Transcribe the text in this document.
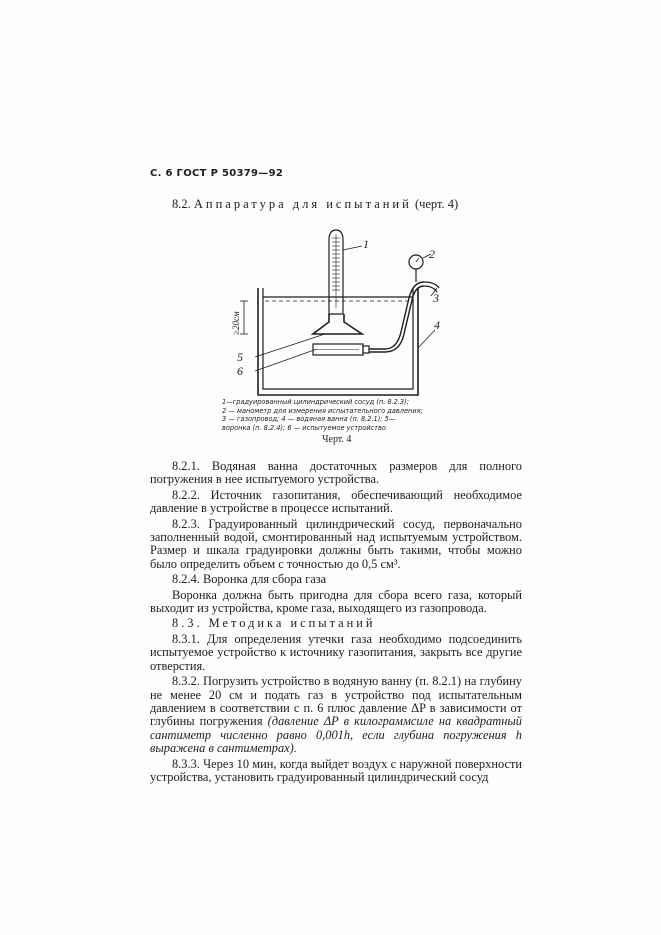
С. 6 ГОСТ Р 50379—92
8.2. Аппаратура для испытаний (черт. 4)
≥20см
1
2
3
4
5
6
1—градуированный цилиндрический сосуд (п. 8.2.3);
2 — манометр для измерения испытательного давления;
3 — газопровод; 4 — водяная ванна (п. 8.2.1); 5—
воронка (п. 8.2.4); 6 — испытуемое устройство
Черт. 4

8.2.1. Водяная ванна достаточных размеров для полного погружения в нее испытуемого устройства.

8.2.2. Источник газопитания, обеспечивающий необходимое давление в устройстве в процессе испытаний.

8.2.3. Градуированный цилиндрический сосуд, первоначально заполненный водой, смонтированный над испытуемым устройством. Размер и шкала градуировки должны быть такими, чтобы можно было определить объем с точностью до 0,5 см³.

8.2.4. Воронка для сбора газа

Воронка должна быть пригодна для сбора всего газа, который выходит из устройства, кроме газа, выходящего из газопровода.

8.3. Методика испытаний

8.3.1. Для определения утечки газа необходимо подсоединить испытуемое устройство к источнику газопитания, закрыть все другие отверстия.

8.3.2. Погрузить устройство в водяную ванну (п. 8.2.1) на глубину не менее 20 см и подать газ в устройство под испытательным давлением в соответствии с п. 6 плюс давление ΔP в зависимости от глубины погружения (давление ΔP в килограммсиле на квадратный сантиметр численно равно 0,001h, если глубина погружения h выражена в сантиметрах).

8.3.3. Через 10 мин, когда выйдет воздух с наружной поверхности устройства, установить градуированный цилиндрический сосуд
